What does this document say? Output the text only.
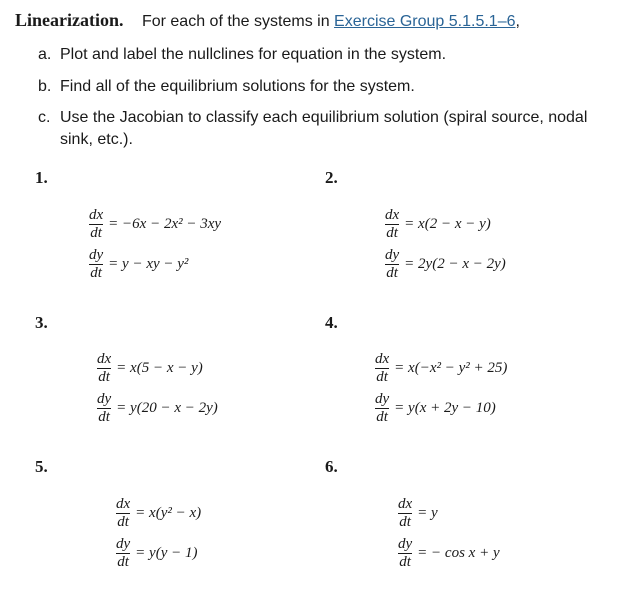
Linearization. For each of the systems in Exercise Group 5.1.5.1–6,
a. Plot and label the nullclines for equation in the system.
b. Find all of the equilibrium solutions for the system.
c. Use the Jacobian to classify each equilibrium solution (spiral source, nodal sink, etc.).
1.
$\frac{dx}{dt} = -6x - 2x^2 - 3xy$
$\frac{dy}{dt} = y$ − xy − y²
2.
$\frac{dx}{dt} = x(2 - x - y)$
$\frac{dy}{dt} = 2y(2 - x - 2y)$
3.
$\frac{dx}{dt} = x(5 - x - y)$
$\frac{dy}{dt} = y(20 - x - 2y)$
4.
$\frac{dx}{dt} = x(-x^2 - y^2 + 25)$
$\frac{dy}{dt} = y(x + 2y - 10)$
5.
$\frac{dx}{dt} = x(y^2 - x)$
$\frac{dy}{dt} = y(y - 1)$
6.
$\frac{dx}{dt} = y$
$\frac{dy}{dt}$ = − cos x + y
